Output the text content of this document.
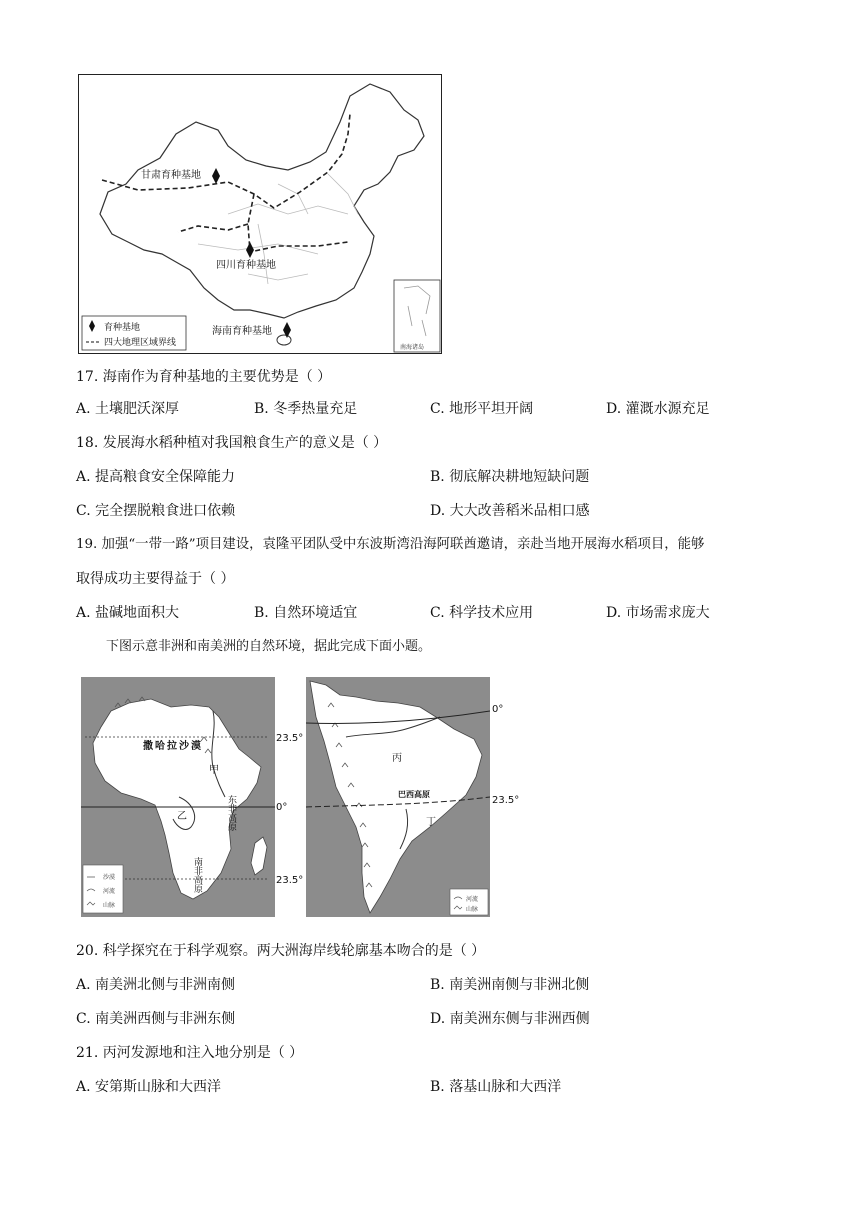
甘肃育种基地
四川育种基地
海南育种基地
育种基地
四大地理区域界线	南海诸岛
17. 海南作为育种基地的主要优势是（ ）
A. 土壤肥沃深厚	B. 冬季热量充足	C. 地形平坦开阔	D. 灌溉水源充足
18. 发展海水稻种植对我国粮食生产的意义是（ ）
A. 提高粮食安全保障能力	B. 彻底解决耕地短缺问题
C. 完全摆脱粮食进口依赖	D. 大大改善稻米品相口感
19. 加强“一带一路”项目建设，袁隆平团队受中东波斯湾沿海阿联酋邀请，亲赴当地开展海水稻项目，能够
取得成功主要得益于（ ）
A. 盐碱地面积大	B. 自然环境适宜	C. 科学技术应用	D. 市场需求庞大
下图示意非洲和南美洲的自然环境，据此完成下面小题。
撒哈拉沙漠
甲
乙	东非高原
南非高原
沙漠
河流
山脉
23.5°
0°
23.5°
丙
巴西高原
丁
河流
山脉
0°
23.5°
20. 科学探究在于科学观察。两大洲海岸线轮廓基本吻合的是（ ）
A. 南美洲北侧与非洲南侧	B. 南美洲南侧与非洲北侧
C. 南美洲西侧与非洲东侧	D. 南美洲东侧与非洲西侧
21. 丙河发源地和注入地分别是（ ）
A. 安第斯山脉和大西洋	B. 落基山脉和大西洋
